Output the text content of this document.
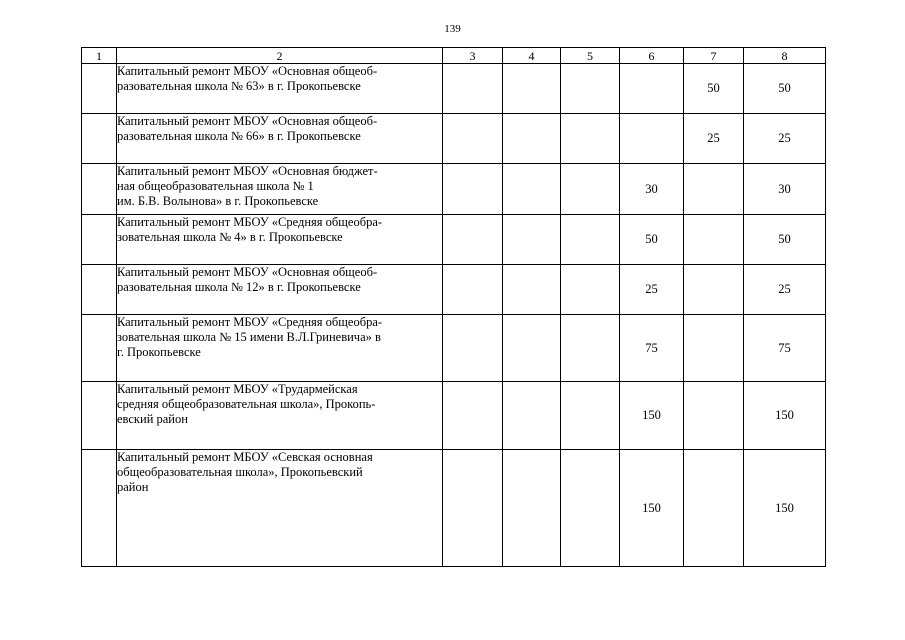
139
1	2	3	4	5	6	7	8
	Капитальный ремонт МБОУ «Основная общеоб-
разовательная школа № 63» в г. Прокопьевске					50	50
	Капитальный ремонт МБОУ «Основная общеоб-
разовательная школа № 66» в г. Прокопьевске					25	25
	Капитальный ремонт МБОУ «Основная бюджет-
ная общеобразовательная школа № 1
им. Б.В. Волынова» в г. Прокопьевске				30		30
	Капитальный ремонт МБОУ «Средняя общеобра-
зовательная школа № 4» в г. Прокопьевске				50		50
	Капитальный ремонт МБОУ «Основная общеоб-
разовательная школа № 12» в г. Прокопьевске				25		25
	Капитальный ремонт МБОУ «Средняя общеобра-
зовательная школа № 15 имени В.Л.Гриневича» в
г. Прокопьевске				75		75
	Капитальный ремонт МБОУ «Трудармейская
средняя общеобразовательная школа», Прокопь-
евский район				150		150
	Капитальный ремонт МБОУ «Севская основная
общеобразовательная школа», Прокопьевский
район				150		150
